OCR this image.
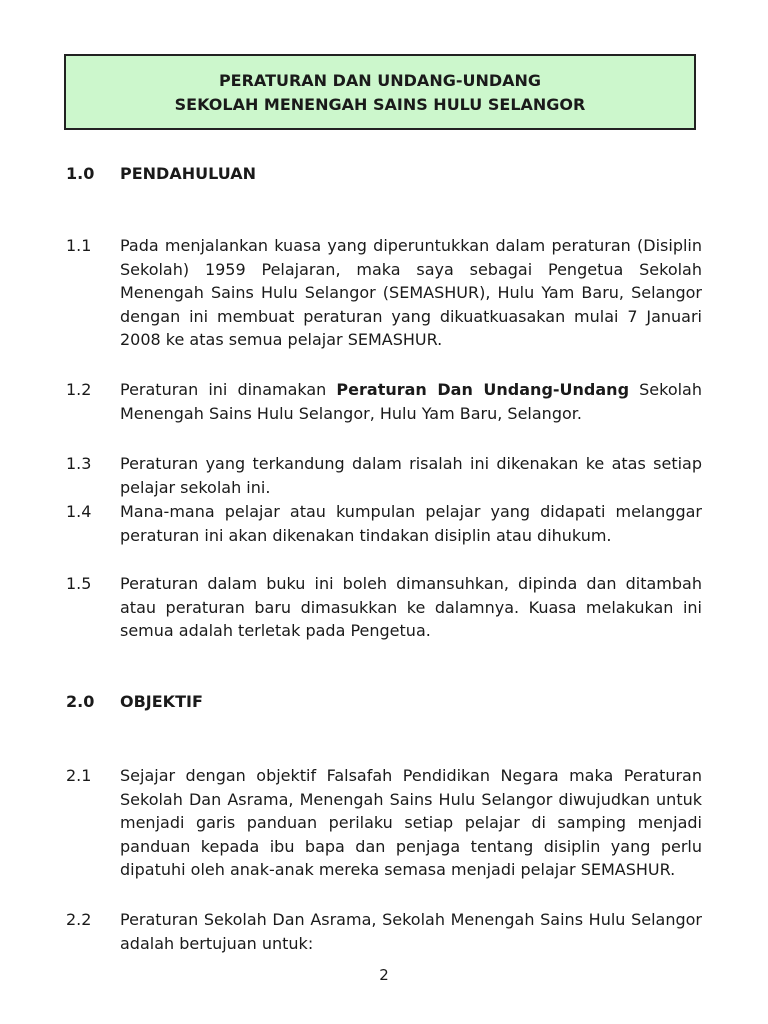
PERATURAN DAN UNDANG-UNDANG
SEKOLAH MENENGAH SAINS HULU SELANGOR
1.0 PENDAHULUAN
1.1 Pada menjalankan kuasa yang diperuntukkan dalam peraturan (Disiplin Sekolah) 1959 Pelajaran, maka saya sebagai Pengetua Sekolah Menengah Sains Hulu Selangor (SEMASHUR), Hulu Yam Baru, Selangor dengan ini membuat peraturan yang dikuatkuasakan mulai 7 Januari 2008 ke atas semua pelajar SEMASHUR.
1.2 Peraturan ini dinamakan Peraturan Dan Undang-Undang Sekolah Menengah Sains Hulu Selangor, Hulu Yam Baru, Selangor.
1.3 Peraturan yang terkandung dalam risalah ini dikenakan ke atas setiap pelajar sekolah ini.
1.4 Mana-mana pelajar atau kumpulan pelajar yang didapati melanggar peraturan ini akan dikenakan tindakan disiplin atau dihukum.
1.5 Peraturan dalam buku ini boleh dimansuhkan, dipinda dan ditambah atau peraturan baru dimasukkan ke dalamnya. Kuasa melakukan ini semua adalah terletak pada Pengetua.
2.0 OBJEKTIF
2.1 Sejajar dengan objektif Falsafah Pendidikan Negara maka Peraturan Sekolah Dan Asrama, Menengah Sains Hulu Selangor diwujudkan untuk menjadi garis panduan perilaku setiap pelajar di samping menjadi panduan kepada ibu bapa dan penjaga tentang disiplin yang perlu dipatuhi oleh anak-anak mereka semasa menjadi pelajar SEMASHUR.
2.2 Peraturan Sekolah Dan Asrama, Sekolah Menengah Sains Hulu Selangor adalah bertujuan untuk:
2
